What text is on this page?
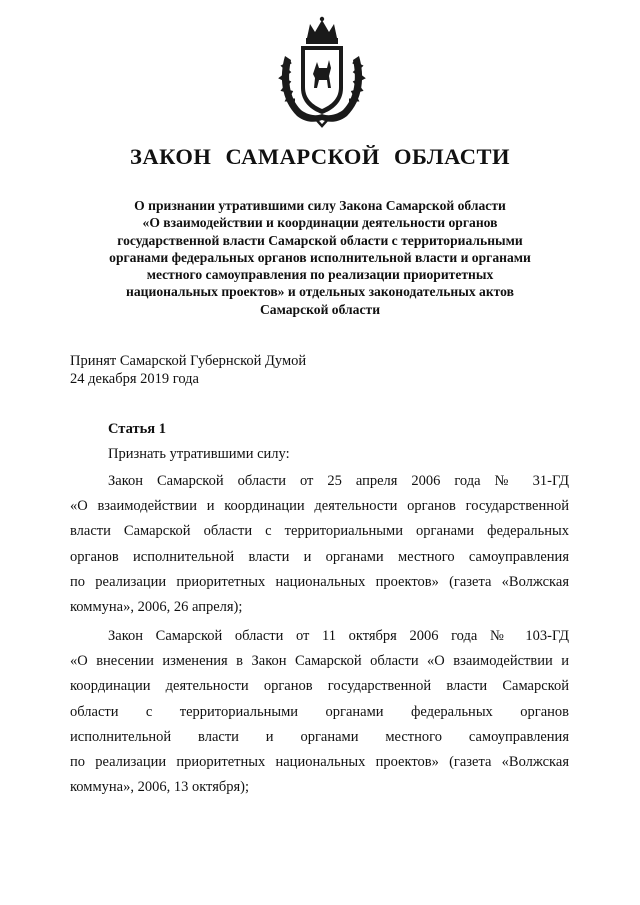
ЗАКОН САМАРСКОЙ ОБЛАСТИ
О признании утратившими силу Закона Самарской области
«О взаимодействии и координации деятельности органов
государственной власти Самарской области с территориальными
органами федеральных органов исполнительной власти и органами
местного самоуправления по реализации приоритетных
национальных проектов» и отдельных законодательных актов
Самарской области
Принят Самарской Губернской Думой
24 декабря 2019 года
Статья 1
Признать утратившими силу:
Закон Самарской области от 25 апреля 2006 года № 31-ГД
«О взаимодействии и координации деятельности органов государственной
власти Самарской области с территориальными органами федеральных
органов исполнительной власти и органами местного самоуправления
по реализации приоритетных национальных проектов» (газета «Волжская
коммуна», 2006, 26 апреля);
Закон Самарской области от 11 октября 2006 года № 103-ГД
«О внесении изменения в Закон Самарской области «О взаимодействии и
координации деятельности органов государственной власти Самарской
области с территориальными органами федеральных органов
исполнительной власти и органами местного самоуправления
по реализации приоритетных национальных проектов» (газета «Волжская
коммуна», 2006, 13 октября);
